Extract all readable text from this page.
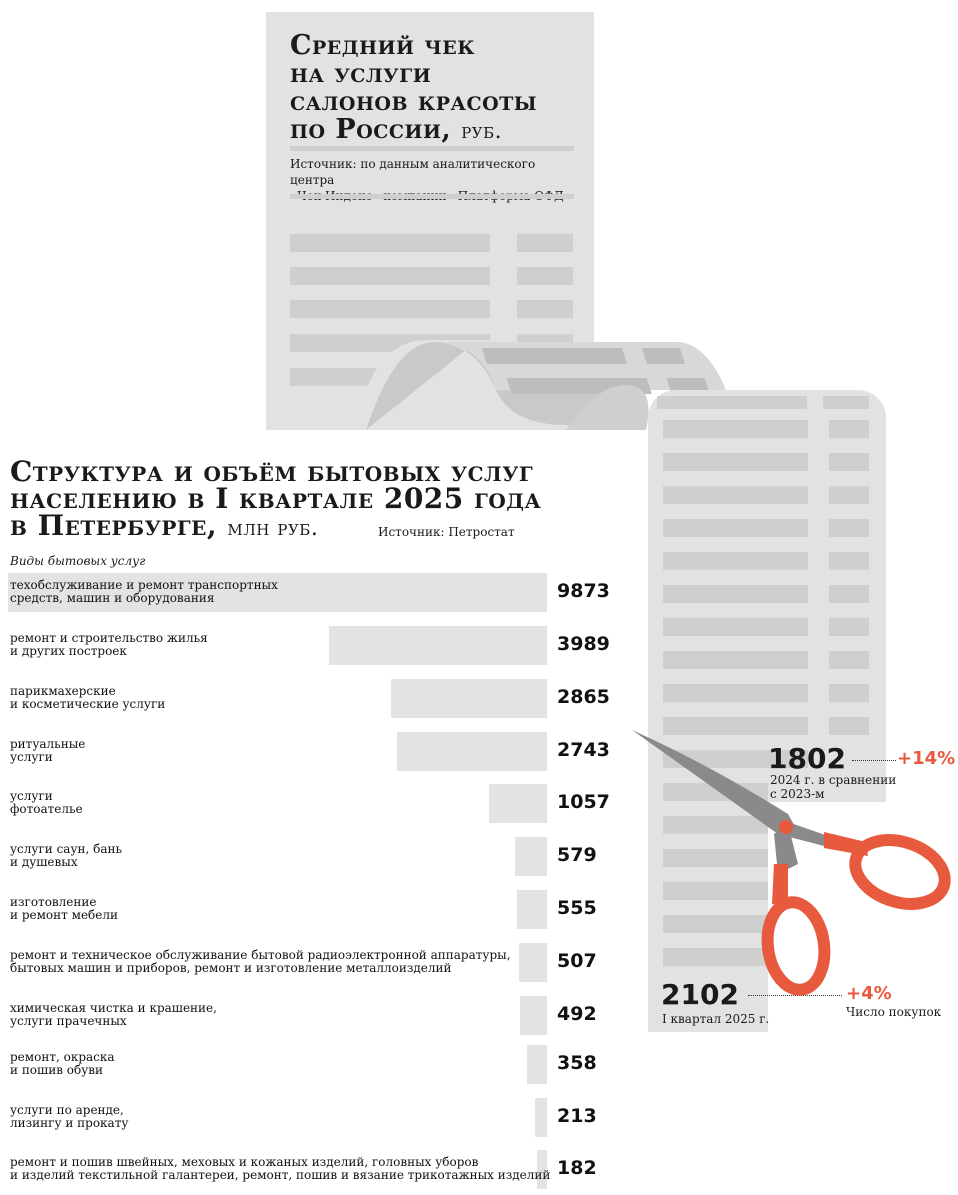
Средний чек
на услуги
салонов красоты
по России, руб.
Источник: по данным аналитического центра
1802	+14%
2024 г. в сравнении
с 2023-м
2102	+4%
I квартал 2025 г.	Число покупок
Структура и объём бытовых услуг
населению в I квартале 2025 года
в Петербурге, млн руб.	Источник: Петростат
Виды бытовых услуг
техобслуживание и ремонт транспортных
средств, машин и оборудования	9873
ремонт и строительство жилья
и других построек	3989
парикмахерские
и косметические услуги	2865
ритуальные
услуги	2743
услуги
фотоателье	1057
услуги саун, бань
и душевых	579
изготовление
и ремонт мебели	555
ремонт и техническое обслуживание бытовой радиоэлектронной аппаратуры,
бытовых машин и приборов, ремонт и изготовление металлоизделий	507
химическая чистка и крашение,
услуги прачечных	492
ремонт, окраска
и пошив обуви	358
услуги по аренде,
лизингу и прокату	213
ремонт и пошив швейных, меховых и кожаных изделий, головных уборов
и изделий текстильной галантереи, ремонт, пошив и вязание трикотажных изделий 182
